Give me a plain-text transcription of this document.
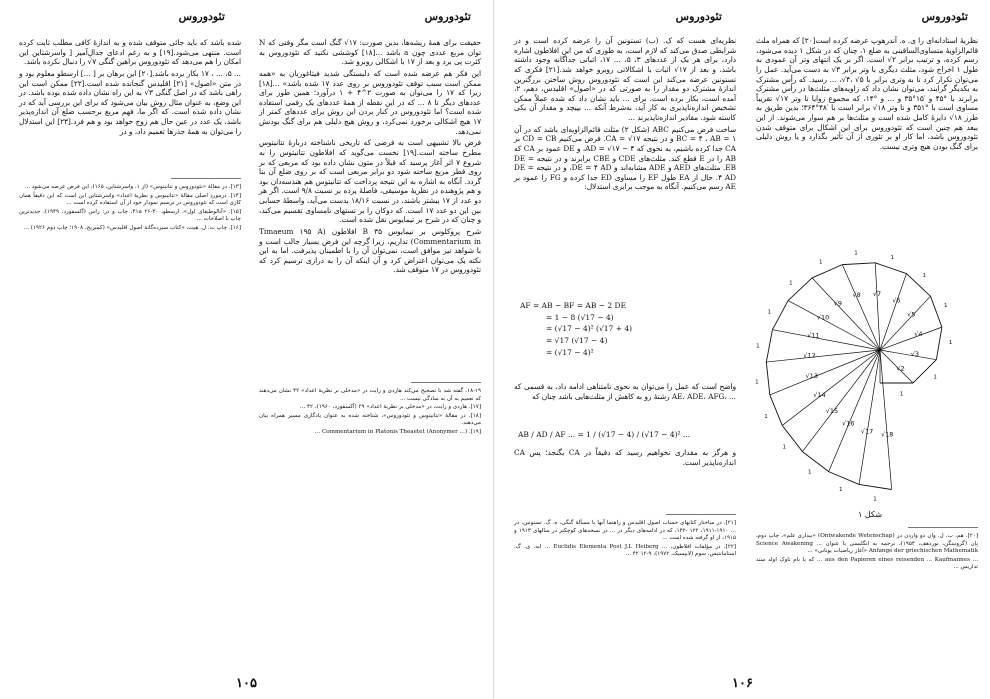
تئودوروس
تئودوروس

حقیقت برای همهٔ ریشه‌ها، بدین صورت: ‎√۱۷‎ گنگ است مگر وقتی که N توان مربع عددی چون a باشد ...[۱۸] کوششی نکنید که تئودوروس به کثرت پی برد و بعد از ۱۷ با اشکالی روبرو شد.

این فکر هم عرضه شده است که دلبستگی شدید فیثاغوریان به «همه ممکن است سبب توقف تئودوروس بر روی عدد ۱۷ شده باشد» ...[۱۸] زیرا که ۱۷ را می‌توان به صورت ۲^۴ + ۱ درآورد؛ همین طور برای عددهای دیگر تا ۸ ... که در این نقطه از همهٔ عددهای یک رقمی استفاده شده است؟ اما تئودوروس در کنار بردن این روش برای عددهای کمتر از ۱۷ هیچ اشکالی برخورد نمی‌کرد، و روش هیچ دلیلی هم برای گنگ بودنش نمی‌دهد.

فرض بالا تشبیهی است به فرضی که تاریخی ناشناخته دربارهٔ تتانیتوس مطرح ساخته است.[۱۹] نخست می‌گوید که افلاطون تتانیتوس را به شروع ۷ اثر آغاز پرسید که قبلاً در متون نشان داده بود که مربعی که بر روی قطر مربع ساخته شود دو برابر مربعی است که بر روی ضلع آن بنا گردد. آنگاه به اشاره به این نتیجه پرداخت که تتانیتوس هم هندسه‌دان بود و هم پژوهنده در نظریهٔ موسیقی، فاصلهٔ پرده بر نسبت ۹/۸ است. اگر هر دو عدد از ۱۷ بیشتر باشند، در نسبت ۱۸/۱۶ بدست می‌آید، واسطهٔ حسابی بین این دو عدد ۱۷ است. که دوکان را بر تستهای نامساوی تقسیم می‌کند، و چنان که در شرح بر تیمایوس نقل شده است.

شرح پروکلوس بر تیمایوس B ۳۵ افلاطون (Timaeum ۱۹۵ A (Commentarium in تداریم، زیرا گرچه این فرض بسیار جالب است و با شواهد نیز موافق است، نمی‌توان آن را با اطمینان پذیرفت. اما به این نکته یک می‌توان اعتراض کرد و آن اینکه آن را به درازی ترسیم کرد که تئودوروس در ۱۷ متوقف شد.

شده باشد که باید جائی متوقف شده و به اندازهٔ کافی مطلب ثابت کرده است. منتهی می‌شود.[۱۹] و به رغم ادعای جدالِ‌آمیز [ واسرشتاین این امکان را هم می‌دهد که تئودوروس براهین گنگی ‎√۷‎ را دنبال نکرده باشد.

... ۵، ... ، ۱۷ بکار برده باشد.[۲۰] این برهان بر [ ...] ارسطو معلوم بود و در متن «اصول» [۲۱] اقلیدس گنجانده شده است.[۲۲] ممکن است این راهی باشد که در اصل گنگی ‎√۳‎ به این راه نشان داده شده بوده باشد. در این وضع، به عنوان مثال روش بیان می‌شود که برای این بررسی آید که در نشان داده شده است. که اگر ما، فهم مربع برحسب ضلع آن اندازه‌پذیر باشد، یک عدد در عین حال هم زوج خواهد بود و هم فرد.[۲۳] این استدلال را می‌توان به همهٔ جذرها تعمیم داد، و در

[۱۳]. در مقالهٔ «تئودوروس و تتانیتوس» (از ۱. واسرشتاین، ۱۶۵)، این فرض عرضه می‌شود ...

[۱۴]. درموردِ اصلی مقالهٔ «تتانیتوس و نظریهٔ اعداد» واسرشتاین این است که این دقیقاً همان کاری است که تئودوروس در ترسیم نمودار خود از آن استفاده کرده است ...

[۱۵]. «آنالوطیقای اول»، ارسطو، ۴۱a ۲۶-۳۰، چاپ و در: راس (آکسفورد، ۱۹۴۹)، جدیدترین چاپ با اصلاحات ...

[۱۶]. چاپ ت. ل. هیث، «کتاب سیزده‌گانهٔ اصول اقلیدس» (کمبریج، ۱۹۰۸؛ چاپ دوم ۱۹۲۶) ...

۱۸-۱۹. گفته شد با تصحیح می‌کند هاردی و رایت در «مدخلی بر نظریهٔ اعداد» ۴۲ نشان می‌دهند که تعمیم به آن به سادگی نیست ...

[۱۷]. هاردی و رایت، در «مدخلی بر نظریهٔ اعداد» ۲۹ (آکسفورد، ۱۹۶۰)، ۴۲ ...

[۱۸]. در مقالهٔ «تتانیتوس و تئودوروس»، شناخته شده به عنوان یادگاری مسیر همراه بیان می‌دهند.

[۱۹]. Commentarium in Platonis Theaetet (Anonymer ...) ...

۱۰۵
تئودوروس
تئودوروس

نظریهٔ استادانه‌ای را ی. ه. آندرهوپ عرضه کرده است[۲۰] که همراه ملث قائم‌الزاویهٔ متساوی‌الساقینی به ضلع ۱، چنان که در شکل ۱ دیده می‌شود، رسم کرده، و ترتیب برابر ‎√۲‎ است. اگر بر یک انتهای وتر آن عمودی به طول ۱ اخراج شود، مثلث دیگری با وتر برابر ‎√۳‎ به دست می‌آید. عمل را می‌توان تکرار کرد تا به وتری برابر با ‎√۴‎، ‎√۵‎، ... رسید. که رأس مشترک به یکدیگر گرایند، می‌توان نشان داد که زاویه‌های مثلث‌ها در رأس مشترک برابرند با ‎۴۵°‎ و ‎۳۵°۱۵′‎ و ... و ‎۱۴°‎، که مجموع زوایا تا وتر ‎√۱۷‎ تقریباً مساوی است با ‎۳۵۱°‎ و تا وتر ‎√۱۸‎ برابر است با ‎۳۶۴°۴۸′‎؛ بدین طریق به طرز ‎√۱۸‎ دایرهٔ کامل شده است و مثلث‌ها بر هم سوار می‌شوند. از این ببعد هم چنین است که تئودوروس برای این اشکال برای متوقف شدن تئودوروس باشد، اما کار او بر تئوری از آن تأثیر بگذارد و یا روش دلیلی برای گنگ بودن هیچ وتری نیست.

√2
√3
√4
√5
√6
√7
√8
√9
√10
√11
√12
√13
√14
√15
√16
√17 √18
1
1
1
1
1
1
1
1
1
1
1
1
1
1
1
1
1
شکل ۱

[۲۰]. هم، ب. ل. وان دو واردن در (Ontwakende Wetenschap) «بیداری علم»، چاپ دوم، بِاِن (گرونینگن، نوردهف، ۱۹۵۴)، ترجمه به انگلیسی با عنوان Science Awakening ... Anfange der griechischen Mathematik «آغاز ریاضیات یونانی» ...

... aus den Papieren eines reisenden ... Kaufmannes ... که با نام ناوک اولد سند تداریس ...

نظریه‌ای هست که ک. (ب) تستونین آن را عرضه کرده است و در شرایطی صدق می‌کند که لازم است، به طوری که من این افلاطون اشاره دارد، برای هر یک از عددهای ۳، ۵، ... ۱۷، اثباتی جداگانه وجود داشته باشد، و بعد از ‎√۱۷‎ اثبات با اشکالاتی روبرو خواهد شد.[۲۱] فکری که تستونین عرضه می‌کند این است که تئودوروس روش ساختن بزرگترین اندازهٔ مشترک دو مقدار را به صورتی که در «اصول» اقلیدس، دهم، ۲، آمده است، بکار برده است. برای ... باید نشان داد که شده عملاً ممکن تشخیص اندازه‌ناپذیری به کار آید، به‌شرط آنکه ... بپیچد و مقدار آن یکی کاسته شود. مقادیر اندازه‌ناپذیرند ...

ساخت فرض می‌کنیم ABC (شکل ۲) مثلث قائم‌الزاویه‌ای باشد که در آن ‎BC = ۴ ، AB = ۱‎ و در نتیجه ‎CA = √۱۷‎. فرض می‌کنیم ‎CD = CB‎ بر ‎CA‎ جدا کرده باشیم، به نحوی که ‎AD = √۱۷ − ۴‎، و ‎DE‎ عمود بر ‎CA‎ که ‎AB‎ را در ‎E‎ قطع کند. مثلث‌های ‎CDE‎ و ‎CBE‎ برابرند و در نتیجه ‎DE = EB‎. مثلث‌های ‎AED‎ و ‎ADE‎ مشابه‌اند و ‎DE = ۴ AD‎، و در نتیجه ‎DE = ۴ AD‎. حال از ‎EA‎ طول ‎EF‎ را مساوی ‎ED‎ جدا کرده و ‎FG‎ را عمود بر ‎AE‎ رسم می‌کنیم. آنگاه به موجب برابری استدلال:

AF = AB − BF = AB − 2 DE
= 1 − 8 (√17 − 4)
= (√17 − 4)² (√17 + 4)
= √17 (√17 − 4)
= (√17 − 4)²

واضح است که عمل را می‌توان به نحوی نامتناهی ادامه داد، به قسمی که ‎AE، ADE، AFG، ...‎ رشتهٔ رو به کاهش از مثلث‌هایی باشد چنان که

AB / AD / AF ... = 1 / (√17 − 4) / (√17 − 4)² ...

و هرگز به مقداری نخواهیم رسید که دقیقاً در CA بگنجد؛ پس CA اندازه‌ناپذیر است.

[۲۱]. در ساختار کتابهای حساب اصول اقلیدس و راهنما آنها با مسألهٔ گنگی، ه. گ. تستونین، در ... ۱۹۱۰-۱۹۱۱، ۱۲۲ -۱۴۲، که در ادامه‌های دیگر در ... در نسخه‌های کوچکتر در سالهای ۱۹۱۳ و ۱۹۱۵، از او گرفته شده است ...

[۲۲]. در مؤلفات افلاطون، ... Euclidis Elementa Post J.L Heiberg ... ایه. ی. گ. استامانتیس، سوم (لایپسیک، ۱۹۷۲)، ۹-۱۲ ۴۲ ...

۱۰۶
